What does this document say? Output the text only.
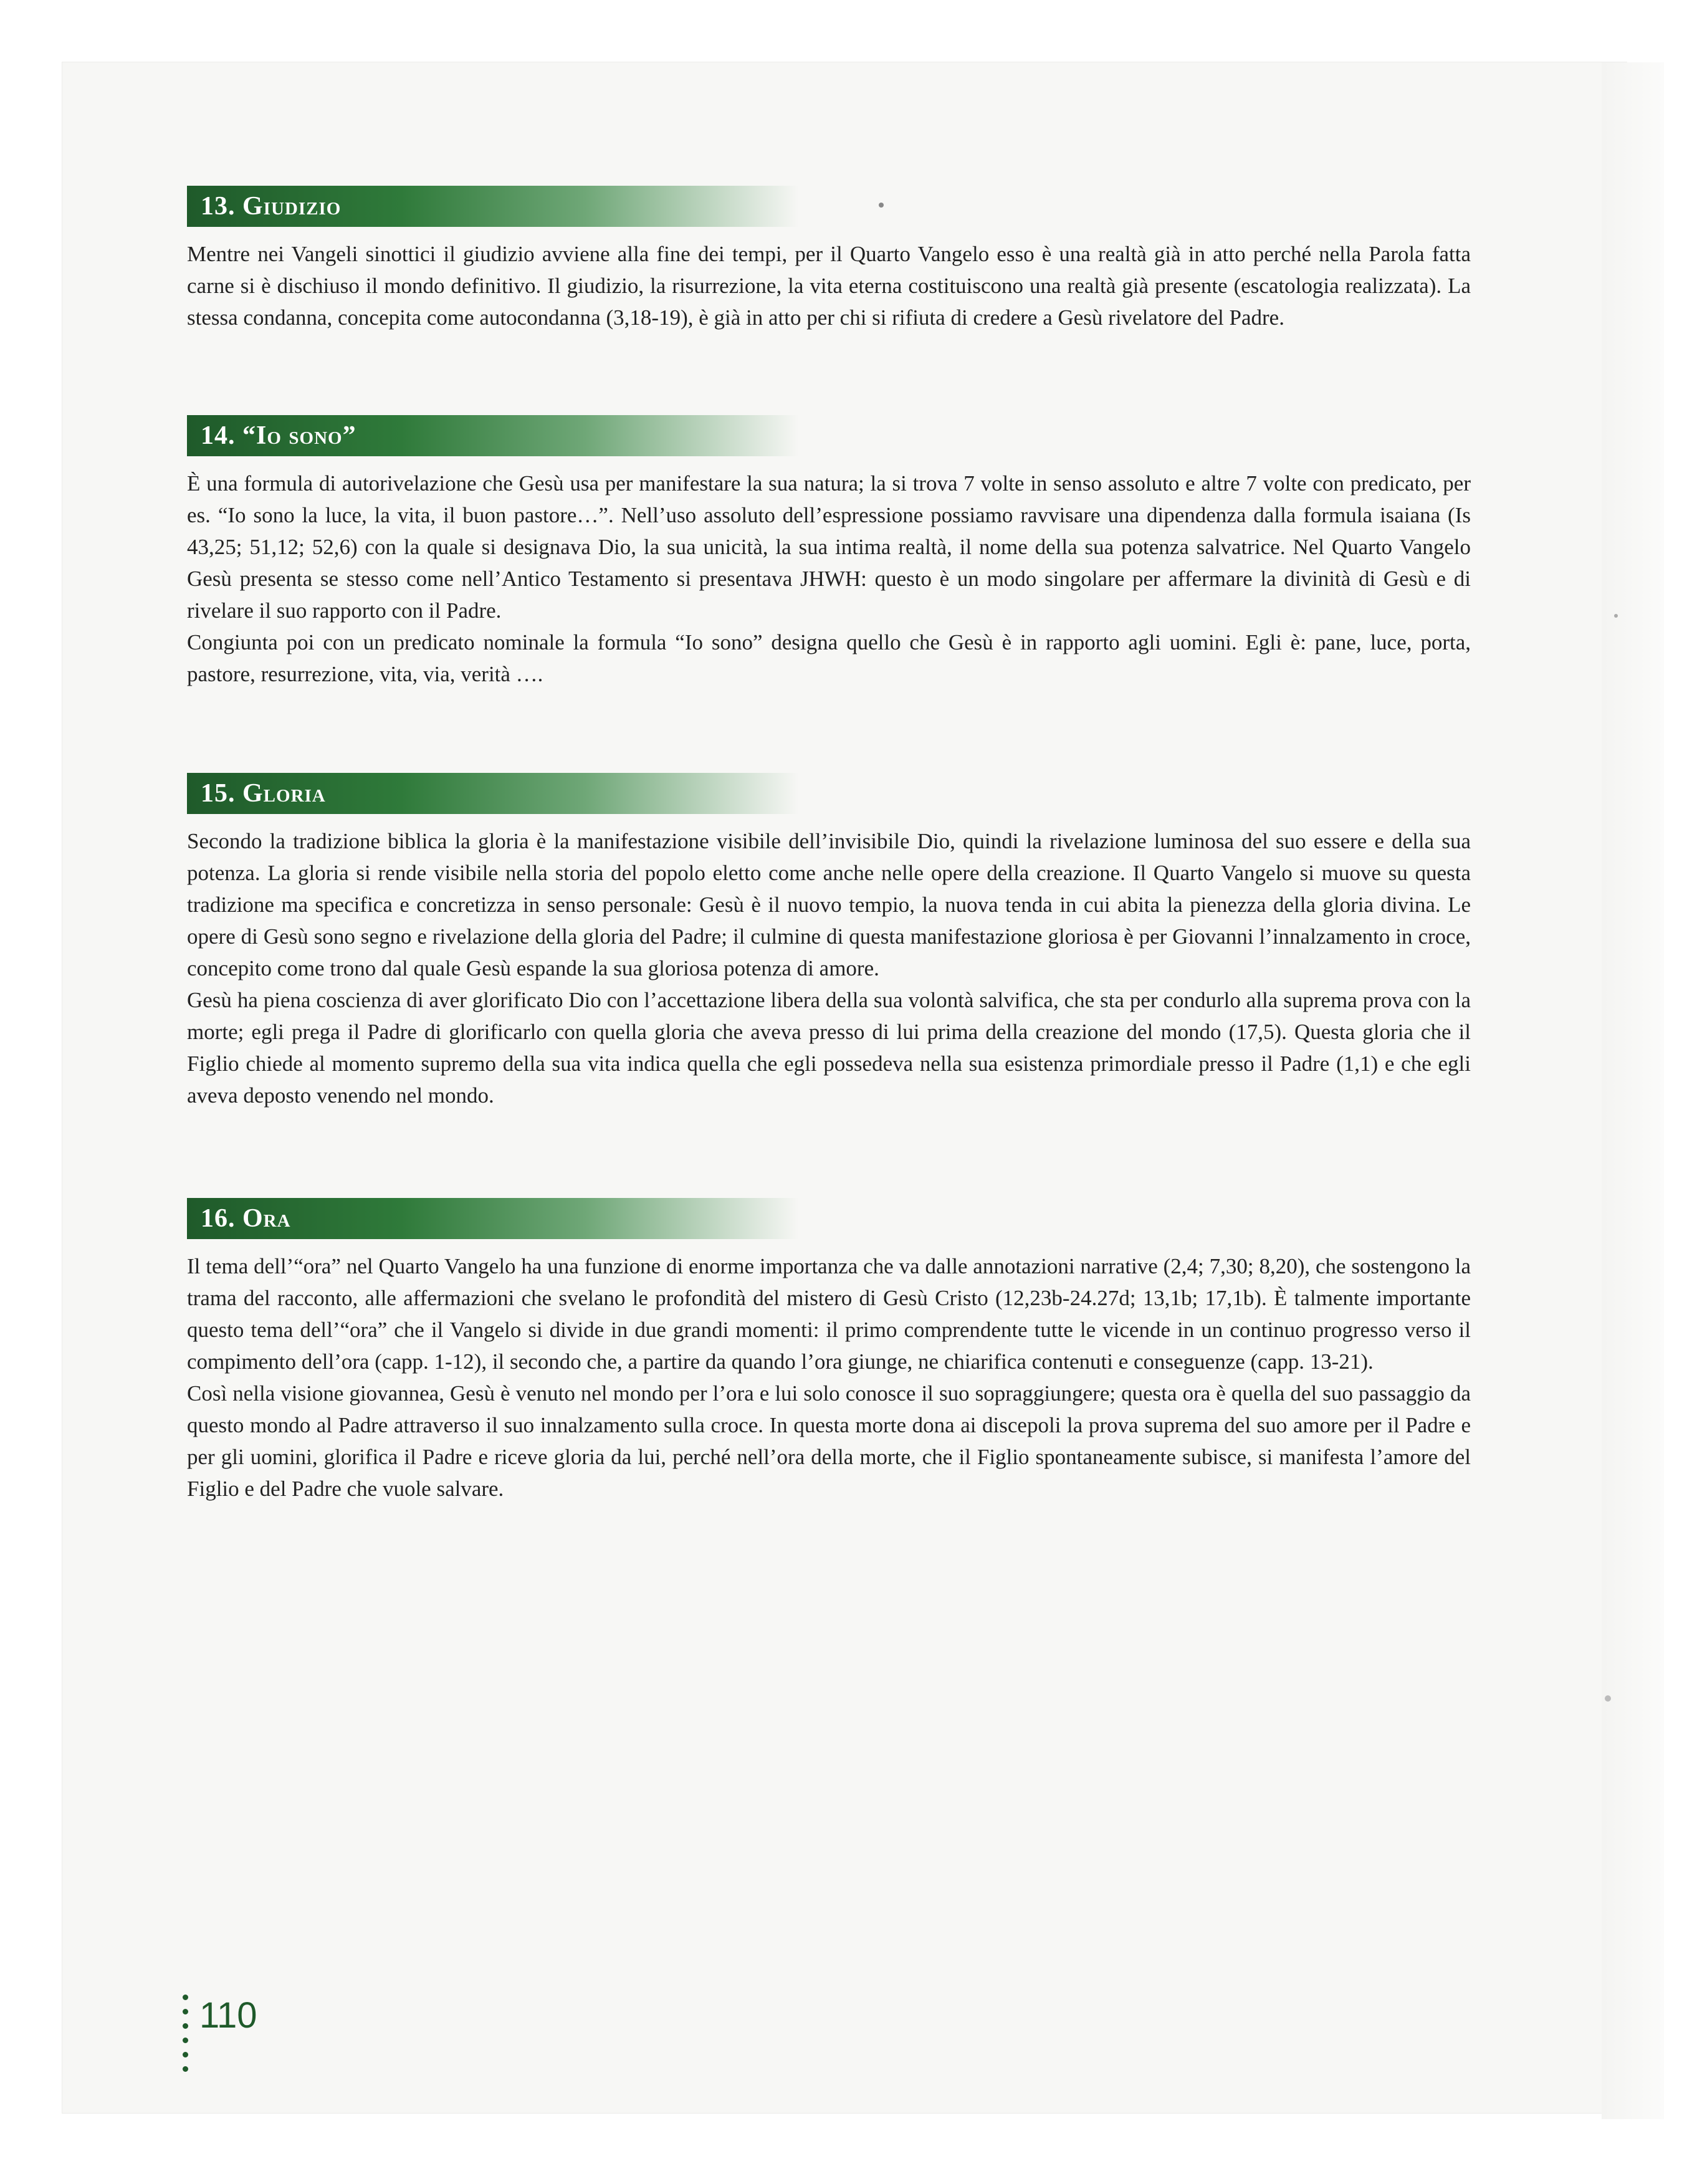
13. Giudizio

Mentre nei Vangeli sinottici il giudizio avviene alla fine dei tempi, per il Quarto Vangelo esso è una realtà già in atto perché nella Parola fatta carne si è dischiuso il mondo definitivo. Il giudizio, la risurrezione, la vita eterna costituiscono una realtà già presente (escatologia realizzata). La stessa condanna, concepita come autocondanna (3,18-19), è già in atto per chi si rifiuta di credere a Gesù rivelatore del Padre.

14. “Io sono”

È una formula di autorivelazione che Gesù usa per manifestare la sua natura; la si trova 7 volte in senso assoluto e altre 7 volte con predicato, per es. “Io sono la luce, la vita, il buon pastore…”. Nell’uso assoluto dell’espressione possiamo ravvisare una dipendenza dalla formula isaiana (Is 43,25; 51,12; 52,6) con la quale si designava Dio, la sua unicità, la sua intima realtà, il nome della sua potenza salvatrice. Nel Quarto Vangelo Gesù presenta se stesso come nell’Antico Testamento si presentava JHWH: questo è un modo singolare per affermare la divinità di Gesù e di rivelare il suo rapporto con il Padre.

Congiunta poi con un predicato nominale la formula “Io sono” designa quello che Gesù è in rapporto agli uomini. Egli è: pane, luce, porta, pastore, resurrezione, vita, via, verità ….

15. Gloria

Secondo la tradizione biblica la gloria è la manifestazione visibile dell’invisibile Dio, quindi la rivelazione luminosa del suo essere e della sua potenza. La gloria si rende visibile nella storia del popolo eletto come anche nelle opere della creazione. Il Quarto Vangelo si muove su questa tradizione ma specifica e concretizza in senso personale: Gesù è il nuovo tempio, la nuova tenda in cui abita la pienezza della gloria divina. Le opere di Gesù sono segno e rivelazione della gloria del Padre; il culmine di questa manifestazione gloriosa è per Giovanni l’innalzamento in croce, concepito come trono dal quale Gesù espande la sua gloriosa potenza di amore.

Gesù ha piena coscienza di aver glorificato Dio con l’accettazione libera della sua volontà salvifica, che sta per condurlo alla suprema prova con la morte; egli prega il Padre di glorificarlo con quella gloria che aveva presso di lui prima della creazione del mondo (17,5). Questa gloria che il Figlio chiede al momento supremo della sua vita indica quella che egli possedeva nella sua esistenza primordiale presso il Padre (1,1) e che egli aveva deposto venendo nel mondo.

16. Ora

Il tema dell’“ora” nel Quarto Vangelo ha una funzione di enorme importanza che va dalle annotazioni narrative (2,4; 7,30; 8,20), che sostengono la trama del racconto, alle affermazioni che svelano le profondità del mistero di Gesù Cristo (12,23b-24.27d; 13,1b; 17,1b). È talmente importante questo tema dell’“ora” che il Vangelo si divide in due grandi momenti: il primo comprendente tutte le vicende in un continuo progresso verso il compimento dell’ora (capp. 1-12), il secondo che, a partire da quando l’ora giunge, ne chiarifica contenuti e conseguenze (capp. 13-21).

Così nella visione giovannea, Gesù è venuto nel mondo per l’ora e lui solo conosce il suo sopraggiungere; questa ora è quella del suo passaggio da questo mondo al Padre attraverso il suo innalzamento sulla croce. In questa morte dona ai discepoli la prova suprema del suo amore per il Padre e per gli uomini, glorifica il Padre e riceve gloria da lui, perché nell’ora della morte, che il Figlio spontaneamente subisce, si manifesta l’amore del Figlio e del Padre che vuole salvare.

110
